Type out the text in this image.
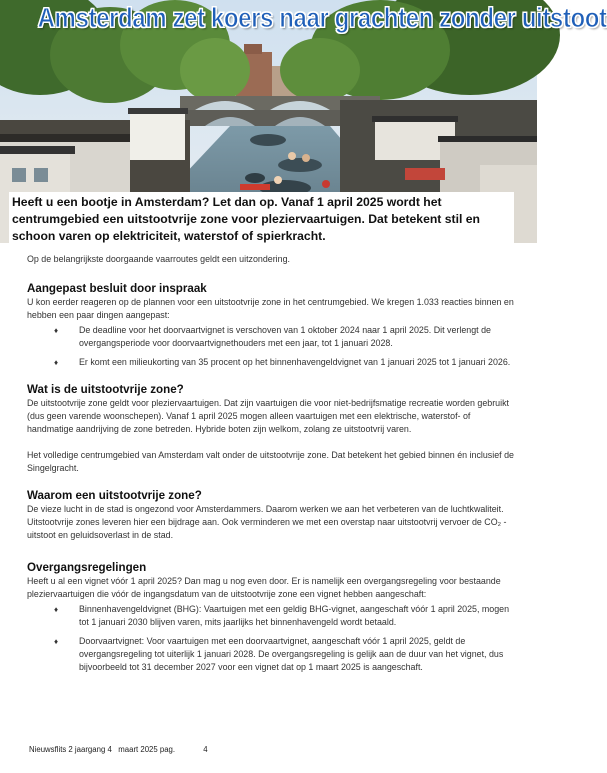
Amsterdam zet koers naar grachten zonder uitstoot

Heeft u een bootje in Amsterdam? Let dan op. Vanaf 1 april 2025 wordt het centrumgebied een uitstootvrije zone voor pleziervaartuigen. Dat betekent stil en schoon varen op elektriciteit, waterstof of spierkracht.

Op de belangrijkste doorgaande vaarroutes geldt een uitzondering.

Aangepast besluit door inspraak

U kon eerder reageren op de plannen voor een uitstootvrije zone in het centrumgebied. We kregen 1.033 reacties binnen en hebben een paar dingen aangepast:

♦ De deadline voor het doorvaartvignet is verschoven van 1 oktober 2024 naar 1 april 2025. Dit verlengt de overgangsperiode voor doorvaartvignethouders met een jaar, tot 1 januari 2028.
♦ Er komt een milieukorting van 35 procent op het binnenhavengeldvignet van 1 januari 2025 tot 1 januari 2026.
Wat is de uitstootvrije zone?

De uitstootvrije zone geldt voor pleziervaartuigen. Dat zijn vaartuigen die voor niet-bedrijfsmatige recreatie worden gebruikt (dus geen varende woonschepen). Vanaf 1 april 2025 mogen alleen vaartuigen met een elektrische, waterstof- of handmatige aandrijving de zone betreden. Hybride boten zijn welkom, zolang ze uitstootvrij varen.

Het volledige centrumgebied van Amsterdam valt onder de uitstootvrije zone. Dat betekent het gebied binnen én inclusief de Singelgracht.

Waarom een uitstootvrije zone?

De vieze lucht in de stad is ongezond voor Amsterdammers. Daarom werken we aan het verbeteren van de luchtkwaliteit. Uitstootvrije zones leveren hier een bijdrage aan. Ook verminderen we met een overstap naar uitstootvrij vervoer de CO₂ -uitstoot en geluidsoverlast in de stad.

Overgangsregelingen

Heeft u al een vignet vóór 1 april 2025? Dan mag u nog even door. Er is namelijk een overgangsregeling voor bestaande pleziervaartuigen die vóór de ingangsdatum van de uitstootvrije zone een vignet hebben aangeschaft:

♦ Binnenhavengeldvignet (BHG): Vaartuigen met een geldig BHG-vignet, aangeschaft vóór 1 april 2025, mogen tot 1 januari 2030 blijven varen, mits jaarlijks het binnenhavengeld wordt betaald.
♦ Doorvaartvignet: Voor vaartuigen met een doorvaartvignet, aangeschaft vóór 1 april 2025, geldt de overgangsregeling tot uiterlijk 1 januari 2028. De overgangsregeling is gelijk aan de duur van het vignet, dus bijvoorbeeld tot 31 december 2027 voor een vignet dat op 1 maart 2025 is aangeschaft.
Nieuwsflits 2 jaargang 4   maart 2025 pag.             4
